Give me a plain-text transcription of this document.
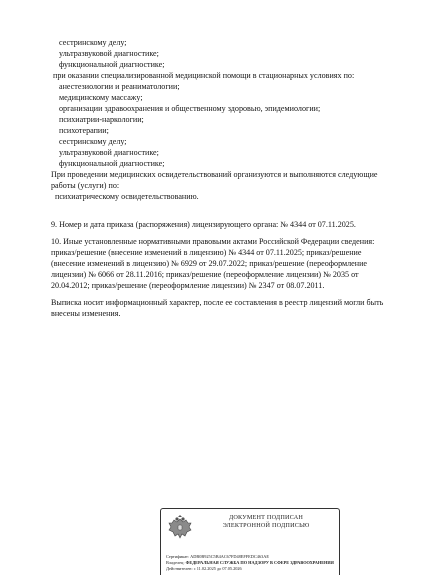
сестринскому делу;
ультразвуковой диагностике;
функциональной диагностике;
при оказании специализированной медицинской помощи в стационарных условиях по:
анестезиологии и реаниматологии;
медицинскому массажу;
организации здравоохранения и общественному здоровью, эпидемиологии;
психиатрии-наркологии;
психотерапии;
сестринскому делу;
ультразвуковой диагностике;
функциональной диагностике;
При проведении медицинских освидетельствований организуются и выполняются следующие
работы (услуги) по:
психиатрическому освидетельствованию.
9. Номер и дата приказа (распоряжения) лицензирующего органа: № 4344 от 07.11.2025.
10. Иные установленные нормативными правовыми актами Российской Федерации сведения:
приказ/решение (внесение изменений в лицензию) № 4344 от 07.11.2025; приказ/решение
(внесение изменений в лицензию) № 6929 от 29.07.2022; приказ/решение (переоформление
лицензии) № 6066 от 28.11.2016; приказ/решение (переоформление лицензии) № 2035 от
20.04.2012; приказ/решение (переоформление лицензии) № 2347 от 08.07.2011.
Выписка носит информационный характер, после ее составления в реестр лицензий могли быть
внесены изменения.
ДОКУМЕНТ ПОДПИСАН
ЭЛЕКТРОННОЙ ПОДПИСЬЮ
Сертификат: ADB0B925C5B4AC67FD48EFFEDC463AE
Владелец: ФЕДЕРАЛЬНАЯ СЛУЖБА ПО НАДЗОРУ В СФЕРЕ ЗДРАВООХРАНЕНИЯ
Действителен: с 11.02.2025 до 07.05.2026
